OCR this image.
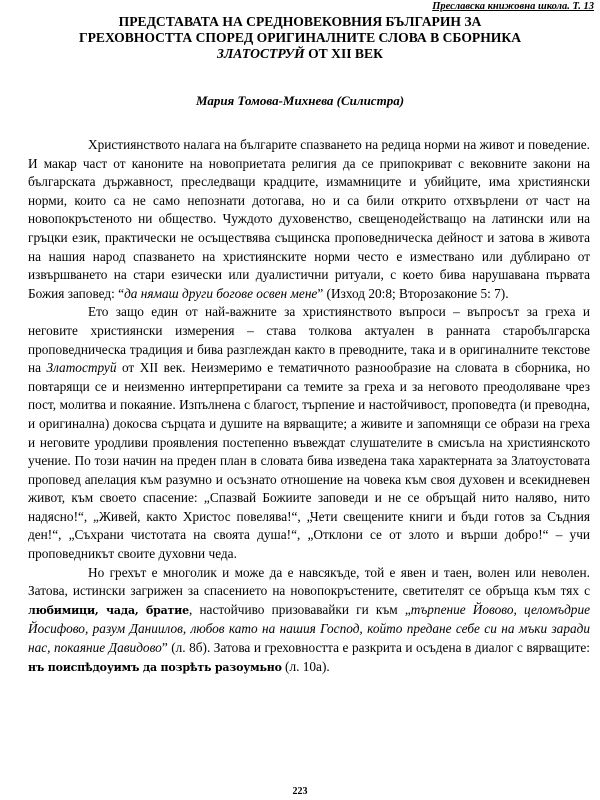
Преславска книжовна школа. Т. 13
ПРЕДСТАВАТА НА СРЕДНОВЕКОВНИЯ БЪЛГАРИН ЗА
ГРЕХОВНОСТТА СПОРЕД ОРИГИНАЛНИТЕ СЛОВА В СБОРНИКА
ЗЛАТОСТРУЙ ОТ XII ВЕК
Мария Томова-Михнева (Силистра)

Християнството налага на българите спазването на редица норми на живот и поведение. И макар част от каноните на новоприетата религия да се припокриват с вековните закони на българската държавност, преследващи крадците, измамниците и убийците, има християнски норми, които са не само непознати дотогава, но и са били открито отхвърлени от част на новопокръстеното ни общество. Чуждото духовенство, свещенодействащо на латински или на гръцки език, практически не осъществява същинска проповедническа дейност и затова в живота на нашия народ спазването на християнските норми често е измествано или дублирано от извършването на стари езически или дуалистични ритуали, с което бива нарушавана първата Божия заповед: “да нямаш други богове освен мене” (Изход 20:8; Второзаконие 5: 7).

Ето защо един от най-важните за християнството въпроси – въпросът за греха и неговите християнски измерения – става толкова актуален в ранната старобългарска проповедническа традиция и бива разглеждан както в преводните, така и в оригиналните текстове на Златоструй от XII век. Неизмеримо е тематичното разнообразие на словата в сборника, но повтарящи се и неизменно интерпретирани са темите за греха и за неговото преодоляване чрез пост, молитва и покаяние. Изпълнена с благост, търпение и настойчивост, проповедта (и преводна, и оригинална) докосва сърцата и душите на вярващите; а живите и запомнящи се образи на греха и неговите уродливи проявления постепенно въвеждат слушателите в смисъла на християнското учение. По този начин на преден план в словата бива изведена така характерната за Златоустовата проповед апелация към разумно и осъзнато отношение на човека към своя духовен и всекидневен живот, към своето спасение: „Спазвай Божиите заповеди и не се обръщай нито наляво, нито надясно!“, „Живей, както Христос повелява!“, „Чети свещените книги и бъди готов за Съдния ден!“, „Съхрани чистотата на своята душа!“, „Отклони се от злото и върши добро!“ – учи проповедникът своите духовни чеда.

Но грехът е многолик и може да е навсякъде, той е явен и таен, волен или неволен. Затова, истински загрижен за спасението на новопокръстените, светителят се обръща към тях с любимици, чада, братие, настойчиво призовавайки ги към „търпение Йовово, целомъдрие Йосифово, разум Даниилов, любов като на нашия Господ, който преданe себе си на мъки заради нас, покаяние Давидово” (л. 8б). Затова и греховността е разкрита и осъдена в диалог с вярващите: нъ поиспѣдоуимъ да позрѣть разоумьно (л. 10а).

223
